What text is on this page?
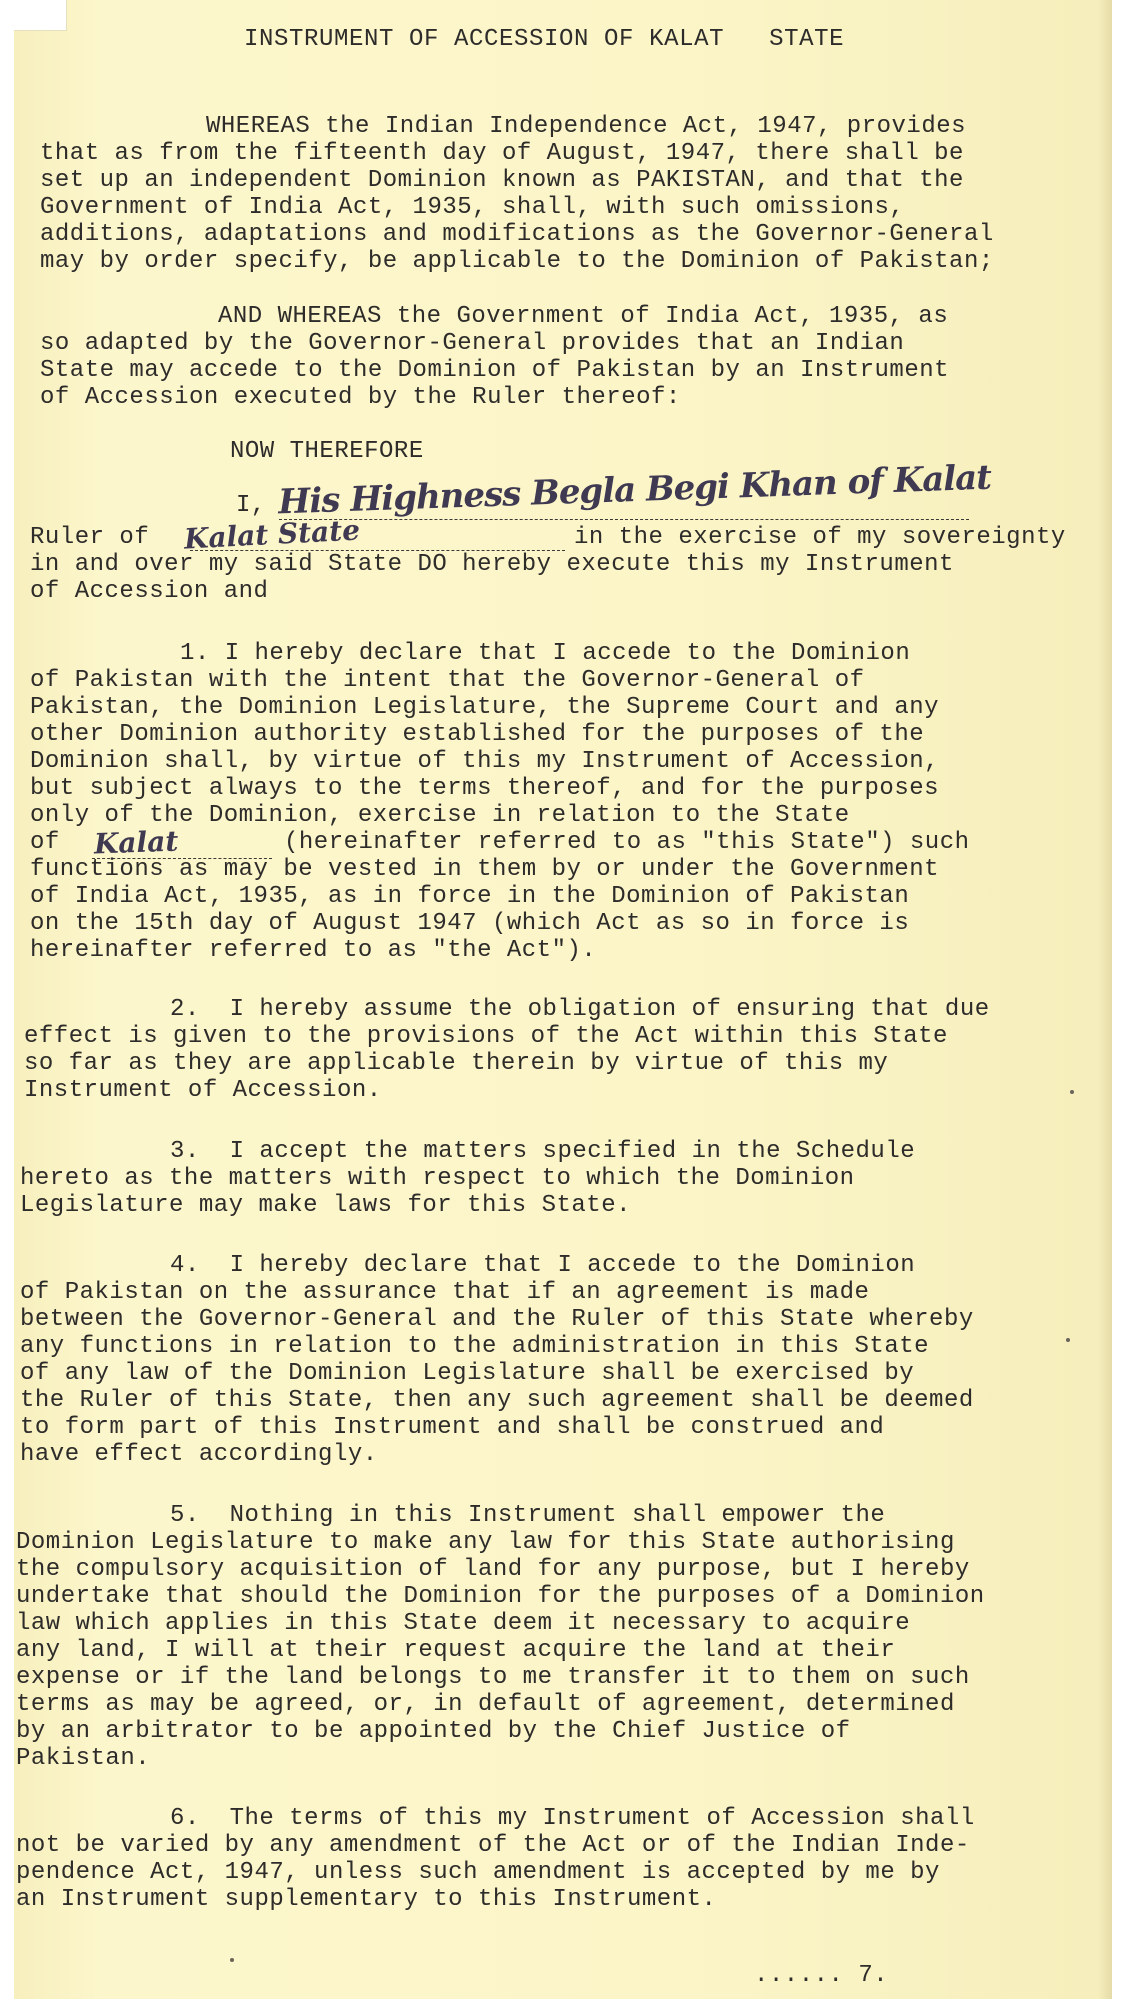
INSTRUMENT OF ACCESSION OF KALAT   STATE

WHEREAS the Indian Independence Act, 1947, provides

that as from the fifteenth day of August, 1947, there shall be

set up an independent Dominion known as PAKISTAN, and that the

Government of India Act, 1935, shall, with such omissions,

additions, adaptations and modifications as the Governor-General

may by order specify, be applicable to the Dominion of Pakistan;

AND WHEREAS the Government of India Act, 1935, as

so adapted by the Governor-General provides that an Indian

State may accede to the Dominion of Pakistan by an Instrument

of Accession executed by the Ruler thereof:

NOW THEREFORE

I, His Highness Begla Begi Khan of Kalat

Ruler of Kalat State	in the exercise of my sovereignty

in and over my said State DO hereby execute this my Instrument

of Accession and

1. I hereby declare that I accede to the Dominion

of Pakistan with the intent that the Governor-General of

Pakistan, the Dominion Legislature, the Supreme Court and any

other Dominion authority established for the purposes of the

Dominion shall, by virtue of this my Instrument of Accession,

but subject always to the terms thereof, and for the purposes

only of the Dominion, exercise in relation to the State

of Kalat	(hereinafter referred to as "this State") such

functions as may be vested in them by or under the Government

of India Act, 1935, as in force in the Dominion of Pakistan

on the 15th day of August 1947 (which Act as so in force is

hereinafter referred to as "the Act").

2.  I hereby assume the obligation of ensuring that due

effect is given to the provisions of the Act within this State

so far as they are applicable therein by virtue of this my

Instrument of Accession.

3.  I accept the matters specified in the Schedule

hereto as the matters with respect to which the Dominion

Legislature may make laws for this State.

4.  I hereby declare that I accede to the Dominion

of Pakistan on the assurance that if an agreement is made

between the Governor-General and the Ruler of this State whereby

any functions in relation to the administration in this State

of any law of the Dominion Legislature shall be exercised by

the Ruler of this State, then any such agreement shall be deemed

to form part of this Instrument and shall be construed and

have effect accordingly.

5.  Nothing in this Instrument shall empower the

Dominion Legislature to make any law for this State authorising

the compulsory acquisition of land for any purpose, but I hereby

undertake that should the Dominion for the purposes of a Dominion

law which applies in this State deem it necessary to acquire

any land, I will at their request acquire the land at their

expense or if the land belongs to me transfer it to them on such

terms as may be agreed, or, in default of agreement, determined

by an arbitrator to be appointed by the Chief Justice of

Pakistan.

6.  The terms of this my Instrument of Accession shall

not be varied by any amendment of the Act or of the Indian Inde-

pendence Act, 1947, unless such amendment is accepted by me by

an Instrument supplementary to this Instrument.

...... 7.
